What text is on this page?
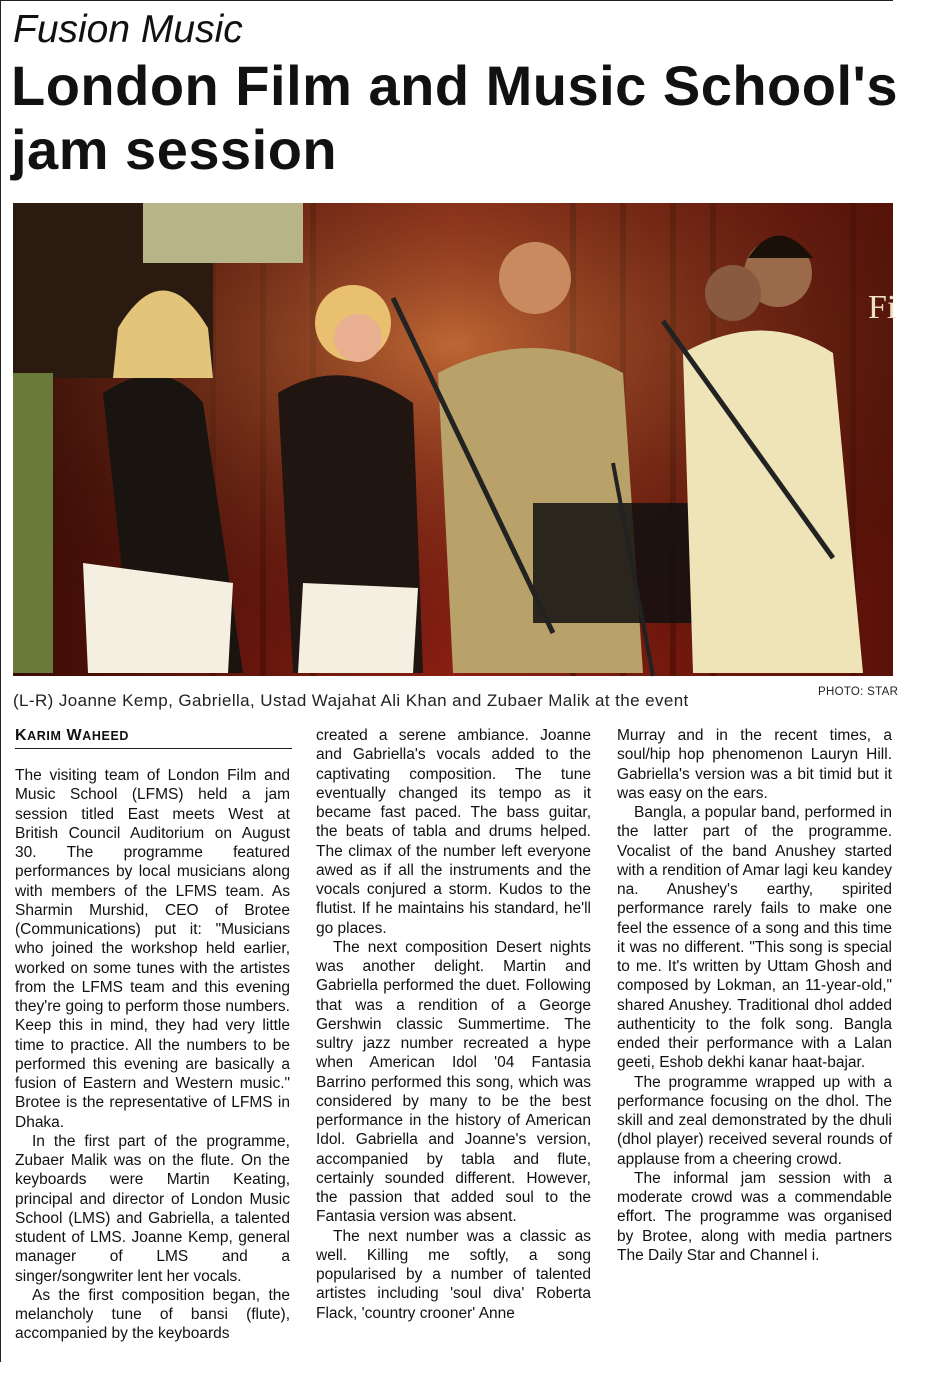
Fusion Music
London Film and Music School's jam session
Fi
(L-R) Joanne Kemp, Gabriella, Ustad Wajahat Ali Khan and Zubaer Malik at the event	PHOTO: STAR
KARIM WAHEED

The visiting team of London Film and Music School (LFMS) held a jam session titled East meets West at British Council Auditorium on August 30. The programme featured performances by local musicians along with members of the LFMS team. As Sharmin Murshid, CEO of Brotee (Communications) put it: "Musicians who joined the workshop held earlier, worked on some tunes with the artistes from the LFMS team and this evening they're going to perform those numbers. Keep this in mind, they had very little time to practice. All the numbers to be performed this evening are basically a fusion of Eastern and Western music." Brotee is the representative of LFMS in Dhaka.

In the first part of the programme, Zubaer Malik was on the flute. On the keyboards were Martin Keating, principal and director of London Music School (LMS) and Gabriella, a talented student of LMS. Joanne Kemp, general manager of LMS and a singer/songwriter lent her vocals.

As the first composition began, the melancholy tune of bansi (flute), accompanied by the keyboards

created a serene ambiance. Joanne and Gabriella's vocals added to the captivating composition. The tune eventually changed its tempo as it became fast paced. The bass guitar, the beats of tabla and drums helped. The climax of the number left everyone awed as if all the instruments and the vocals conjured a storm. Kudos to the flutist. If he maintains his standard, he'll go places.

The next composition Desert nights was another delight. Martin and Gabriella performed the duet. Following that was a rendition of a George Gershwin classic Summertime. The sultry jazz number recreated a hype when American Idol '04 Fantasia Barrino performed this song, which was considered by many to be the best performance in the history of American Idol. Gabriella and Joanne's version, accompanied by tabla and flute, certainly sounded different. However, the passion that added soul to the Fantasia version was absent.

The next number was a classic as well. Killing me softly, a song popularised by a number of talented artistes including 'soul diva' Roberta Flack, 'country crooner' Anne

Murray and in the recent times, a soul/hip hop phenomenon Lauryn Hill. Gabriella's version was a bit timid but it was easy on the ears.

Bangla, a popular band, performed in the latter part of the programme. Vocalist of the band Anushey started with a rendition of Amar lagi keu kandey na. Anushey's earthy, spirited performance rarely fails to make one feel the essence of a song and this time it was no different. "This song is special to me. It's written by Uttam Ghosh and composed by Lokman, an 11-year-old," shared Anushey. Traditional dhol added authenticity to the folk song. Bangla ended their performance with a Lalan geeti, Eshob dekhi kanar haat-bajar.

The programme wrapped up with a performance focusing on the dhol. The skill and zeal demonstrated by the dhuli (dhol player) received several rounds of applause from a cheering crowd.

The informal jam session with a moderate crowd was a commendable effort. The programme was organised by Brotee, along with media partners The Daily Star and Channel i.
